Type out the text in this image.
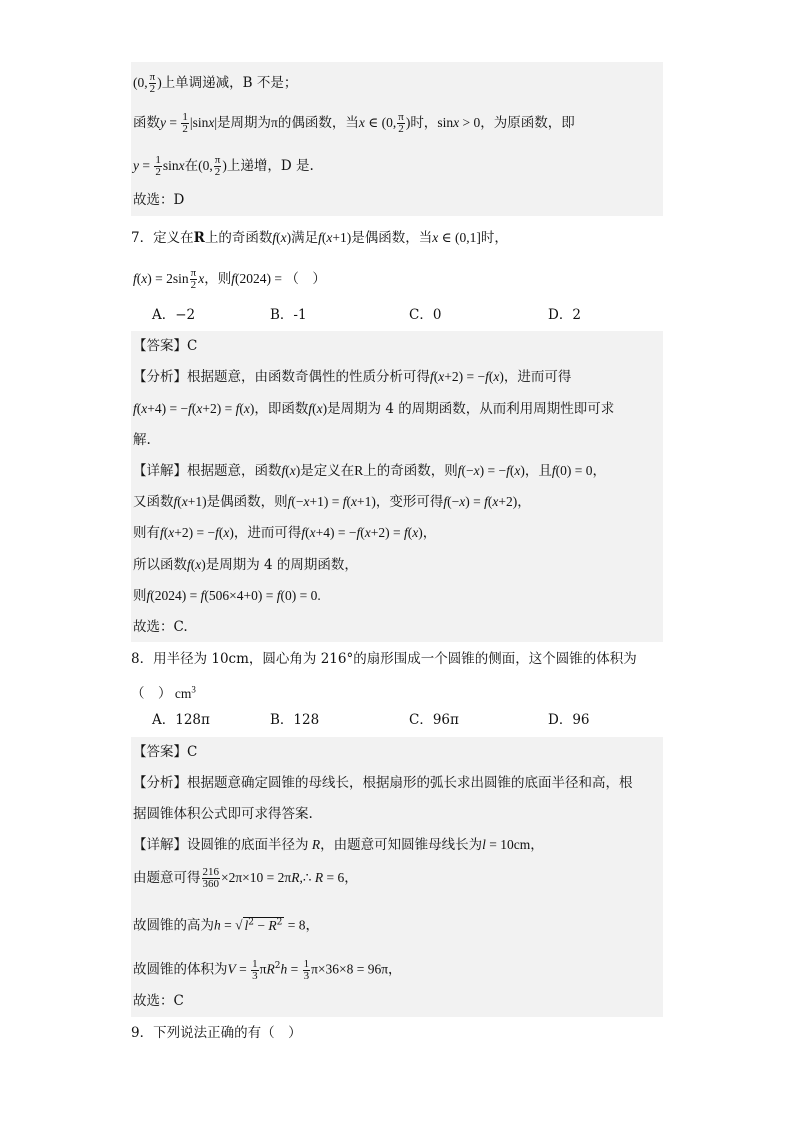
(0, $\frac{\pi}{2}$ )上单调递减，B 不是；
函数$y = \frac{1}{2} |\sin x|$是周期为π的偶函数，当x ∈ (0, $\frac{\pi}{2}$ )时，sinx > 0，为原函数，即
$y = \frac{1}{2}$ sinx在(0, $\frac{\pi}{2}$ )上递增，D 是.
故选：D
7．定义在R上的奇函数f(x)满足f(x+1)是偶函数，当x ∈ (0,1]时，
$f(x) = 2\sin \frac{\pi}{2}$ x，则f(2024) = （　）
A．−2	B．-1	C．0	D．2
【答案】C
【分析】根据题意，由函数奇偶性的性质分析可得f(x+2) = −f(x)，进而可得
f(x+4) = −f(x+2) = f(x)，即函数f(x)是周期为 4 的周期函数，从而利用周期性即可求
解.
【详解】根据题意，函数f(x)是定义在R上的奇函数，则f(−x) = −f(x)，且f(0) = 0，
又函数f(x+1)是偶函数，则f(−x+1) = f(x+1)，变形可得f(−x) = f(x+2)，
则有f(x+2) = −f(x)，进而可得f(x+4) = −f(x+2) = f(x)，
所以函数f(x)是周期为 4 的周期函数，
则f(2024) = f(506×4+0) = f(0) = 0.
故选：C.
8．用半径为 10cm，圆心角为 216°的扇形围成一个圆锥的侧面，这个圆锥的体积为
（　） $cm^3$
A．128π	B．128	C．96π	D．96
【答案】C
【分析】根据题意确定圆锥的母线长，根据扇形的弧长求出圆锥的底面半径和高，根
据圆锥体积公式即可求得答案.
【详解】设圆锥的底面半径为 R，由题意可知圆锥母线长为l = 10cm，
由题意可得 $\frac{216}{360} \times 2\pi\times 10$ = 2πR,∴ R = 6，
故圆锥的高为h = √ $l^2 - R^2 = 8$，
故圆锥的体积为$V = \frac{1}{3} \pi R^2h = \frac{1}{3} \pi\times 36\times 8 = 96\pi$，
故选：C
9．下列说法正确的有（　）
